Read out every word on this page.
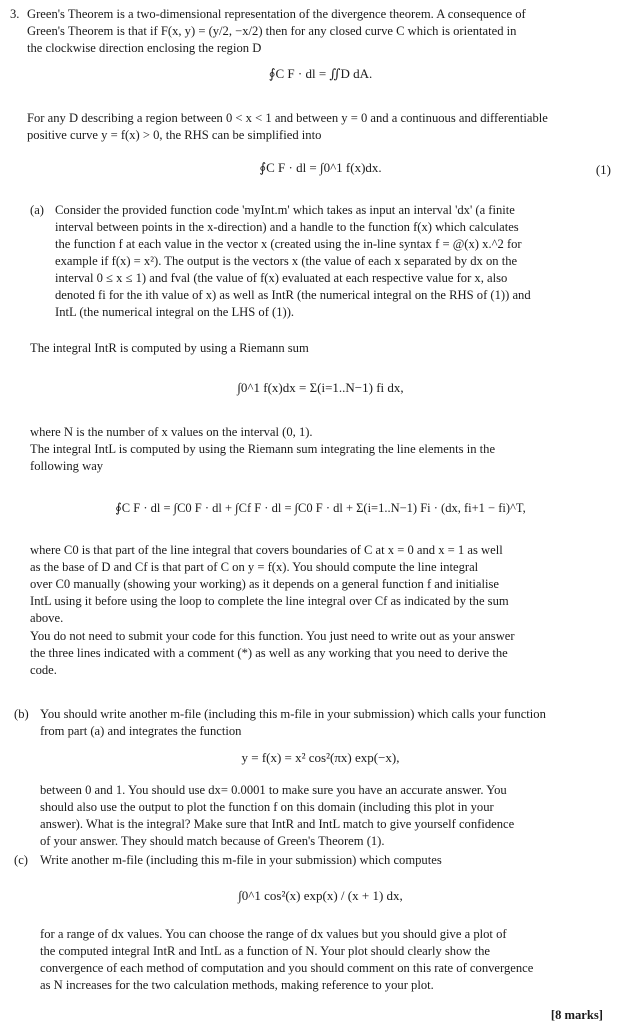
3. Green's Theorem is a two-dimensional representation of the divergence theorem. A consequence of
Green's Theorem is that if F(x, y) = (y/2, −x/2) then for any closed curve C which is orientated in
the clockwise direction enclosing the region D
∮C F · dl = ∬D dA.
For any D describing a region between 0 < x < 1 and between y = 0 and a continuous and differentiable
positive curve y = f(x) > 0, the RHS can be simplified into
∮C F · dl = ∫0^1 f(x)dx.	(1)
(a) Consider the provided function code 'myInt.m' which takes as input an interval 'dx' (a finite
interval between points in the x-direction) and a handle to the function f(x) which calculates
the function f at each value in the vector x (created using the in-line syntax f = @(x) x.^2 for
example if f(x) = x²). The output is the vectors x (the value of each x separated by dx on the
interval 0 ≤ x ≤ 1) and fval (the value of f(x) evaluated at each respective value for x, also
denoted fi for the ith value of x) as well as IntR (the numerical integral on the RHS of (1)) and
IntL (the numerical integral on the LHS of (1)).
The integral IntR is computed by using a Riemann sum
∫0^1 f(x)dx = Σ(i=1..N−1) fi dx,
where N is the number of x values on the interval (0, 1).
The integral IntL is computed by using the Riemann sum integrating the line elements in the
following way
∮C F · dl = ∫C0 F · dl + ∫Cf F · dl = ∫C0 F · dl + Σ(i=1..N−1) Fi · (dx, fi+1 − fi)^T,
where C0 is that part of the line integral that covers boundaries of C at x = 0 and x = 1 as well
as the base of D and Cf is that part of C on y = f(x). You should compute the line integral
over C0 manually (showing your working) as it depends on a general function f and initialise
IntL using it before using the loop to complete the line integral over Cf as indicated by the sum
above.
You do not need to submit your code for this function. You just need to write out as your answer
the three lines indicated with a comment (*) as well as any working that you need to derive the
code.
(b) You should write another m-file (including this m-file in your submission) which calls your function
from part (a) and integrates the function
y = f(x) = x² cos²(πx) exp(−x),
between 0 and 1. You should use dx= 0.0001 to make sure you have an accurate answer. You
should also use the output to plot the function f on this domain (including this plot in your
answer). What is the integral? Make sure that IntR and IntL match to give yourself confidence
of your answer. They should match because of Green's Theorem (1).
(c) Write another m-file (including this m-file in your submission) which computes
∫0^1 cos²(x) exp(x) / (x + 1) dx,
for a range of dx values. You can choose the range of dx values but you should give a plot of
the computed integral IntR and IntL as a function of N. Your plot should clearly show the
convergence of each method of computation and you should comment on this rate of convergence
as N increases for the two calculation methods, making reference to your plot.
[8 marks]
